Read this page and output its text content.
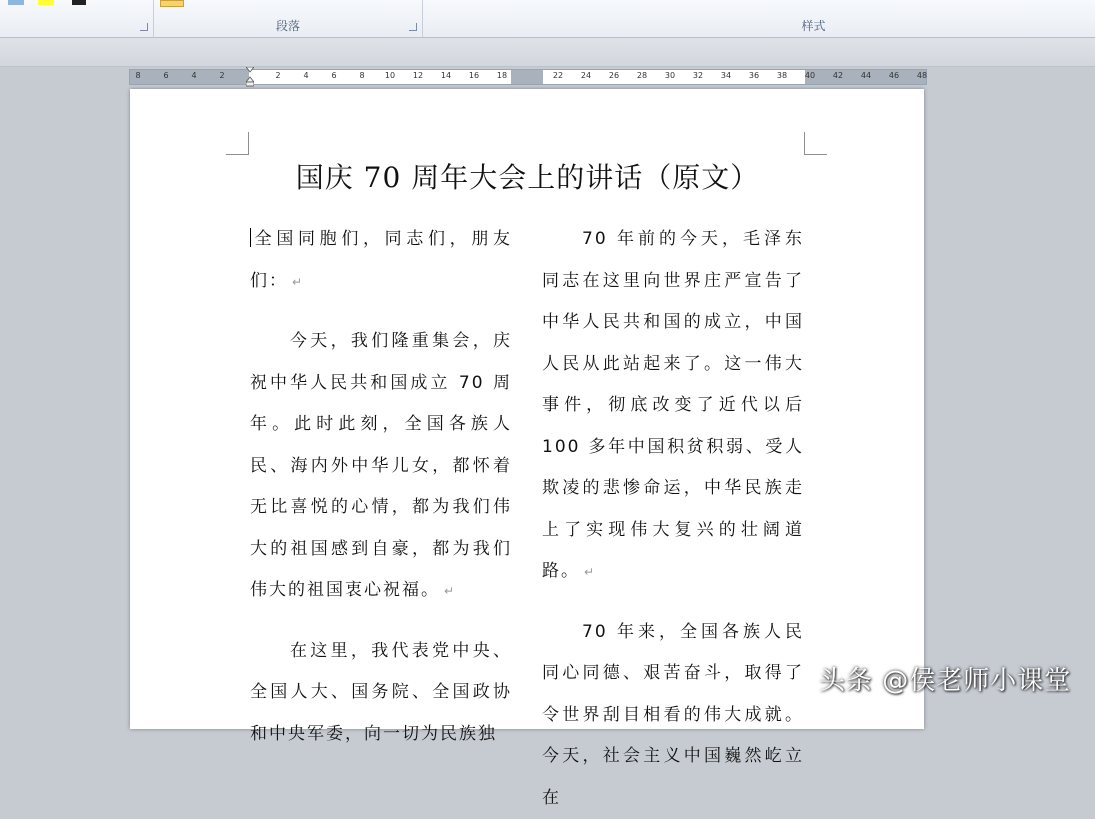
段落	样式
8	6	4	2	2	4	6	8	10 12 14 16 18	22 24 26 28 30 32 34 36 38 40 42 44 46 48
国庆 70 周年大会上的讲话（原文）

全国同胞们，同志们，朋友们： ↵

今天，我们隆重集会，庆祝中华人民共和国成立 70 周年。此时此刻，全国各族人民、海内外中华儿女，都怀着无比喜悦的心情，都为我们伟大的祖国感到自豪，都为我们伟大的祖国衷心祝福。 ↵

在这里，我代表党中央、全国人大、国务院、全国政协和中央军委，向一切为民族独

70 年前的今天，毛泽东同志在这里向世界庄严宣告了中华人民共和国的成立，中国人民从此站起来了。这一伟大事件，彻底改变了近代以后 100 多年中国积贫积弱、受人欺凌的悲惨命运，中华民族走上了实现伟大复兴的壮阔道路。 ↵

70 年来，全国各族人民同心同德、艰苦奋斗，取得了令世界刮目相看的伟大成就。今天，社会主义中国巍然屹立在

头条 @侯老师小课堂
